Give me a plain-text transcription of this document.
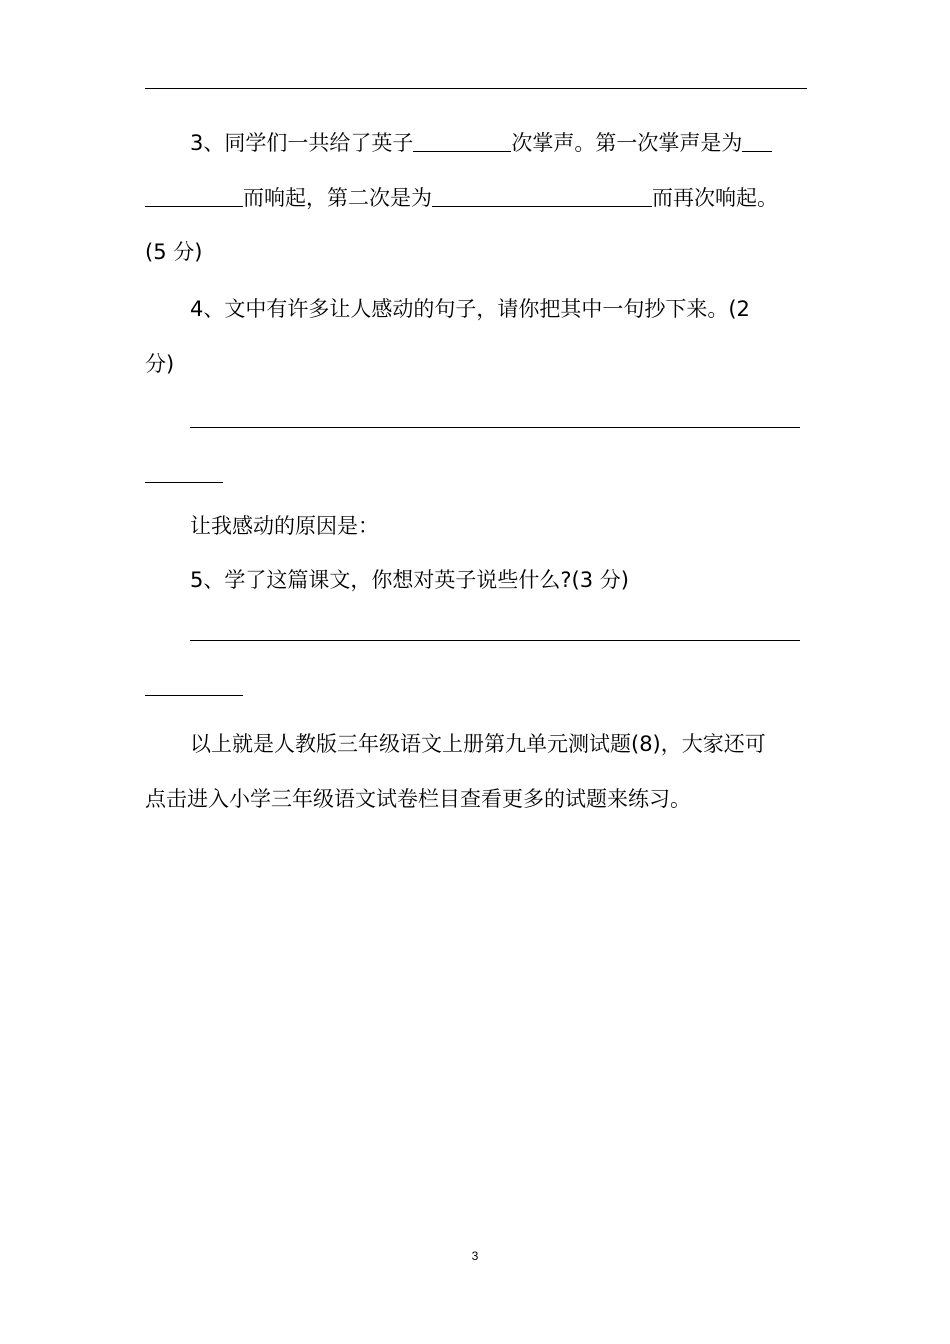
3、同学们一共给了英子	次掌声。第一次掌声是为
而响起，第二次是为	而再次响起。
(5 分)
4、文中有许多让人感动的句子，请你把其中一句抄下来。(2
分)
让我感动的原因是：
5、学了这篇课文，你想对英子说些什么?(3 分)
以上就是人教版三年级语文上册第九单元测试题(8)，大家还可
点击进入小学三年级语文试卷栏目查看更多的试题来练习。
3
